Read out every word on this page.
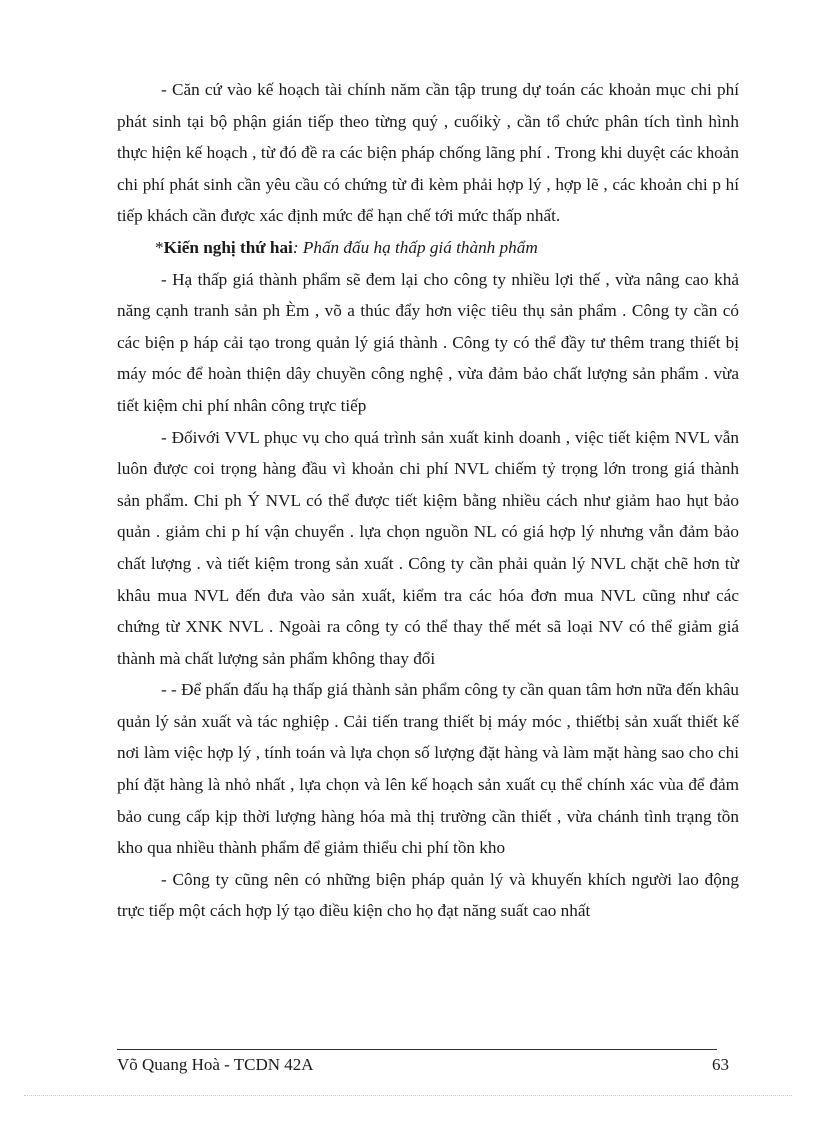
- Căn cứ vào kế hoạch tài chính năm cần tập trung dự toán các khoản mục chi phí phát sinh tại bộ phận gián tiếp theo từng quý , cuốikỳ , cần tổ chức phân tích tình hình thực hiện kế hoạch , từ đó đề ra các biện pháp chống lãng phí . Trong khi duyệt các khoản chi phí phát sinh cần yêu cầu có chứng từ đi kèm phải hợp lý , hợp lẽ , các khoản chi p hí tiếp khách cần được xác định mức để hạn chế tới mức thấp nhất.

*Kiến nghị thứ hai: Phấn đấu hạ thấp giá thành phẩm

- Hạ thấp giá thành phẩm sẽ đem lại cho công ty nhiều lợi thế , vừa nâng cao khả năng cạnh tranh sản ph Èm , võ a thúc đẩy hơn việc tiêu thụ sản phẩm . Công ty cần có các biện p háp cải tạo trong quản lý giá thành . Công ty có thể đầy tư thêm trang thiết bị máy móc để hoàn thiện dây chuyền công nghệ , vừa đảm bảo chất lượng sản phẩm . vừa tiết kiệm chi phí nhân công trực tiếp

- Đốivới VVL phục vụ cho quá trình sản xuất kinh doanh , việc tiết kiệm NVL vẫn luôn được coi trọng hàng đầu vì khoản chi phí NVL chiếm tỷ trọng lớn trong giá thành sản phẩm. Chi ph Ý NVL có thể được tiết kiệm bằng nhiều cách như giảm hao hụt bảo quản . giảm chi p hí vận chuyển . lựa chọn nguồn NL có giá hợp lý nhưng vẫn đảm bảo chất lượng . và tiết kiệm trong sản xuất . Công ty cần phải quản lý NVL chặt chẽ hơn từ khâu mua NVL đến đưa vào sản xuất, kiểm tra các hóa đơn mua NVL cũng như các chứng từ XNK NVL . Ngoài ra công ty có thể thay thế mét sã loại NV có thể giảm giá thành mà chất lượng sản phẩm không thay đổi

- - Để phấn đấu hạ thấp giá thành sản phẩm công ty cần quan tâm hơn nữa đến khâu quản lý sản xuất và tác nghiệp . Cải tiến trang thiết bị máy móc , thiếtbị sản xuất thiết kế nơi làm việc hợp lý , tính toán và lựa chọn số lượng đặt hàng và làm mặt hàng sao cho chi phí đặt hàng là nhỏ nhất , lựa chọn và lên kế hoạch sản xuất cụ thể chính xác vùa để đảm bảo cung cấp kịp thời lượng hàng hóa mà thị trường cần thiết , vừa chánh tình trạng tồn kho qua nhiều thành phẩm để giảm thiểu chi phí tồn kho

- Công ty cũng nên có những biện pháp quản lý và khuyến khích người lao động trực tiếp một cách hợp lý tạo điều kiện cho họ đạt năng suất cao nhất

Võ Quang Hoà - TCDN 42A	63
